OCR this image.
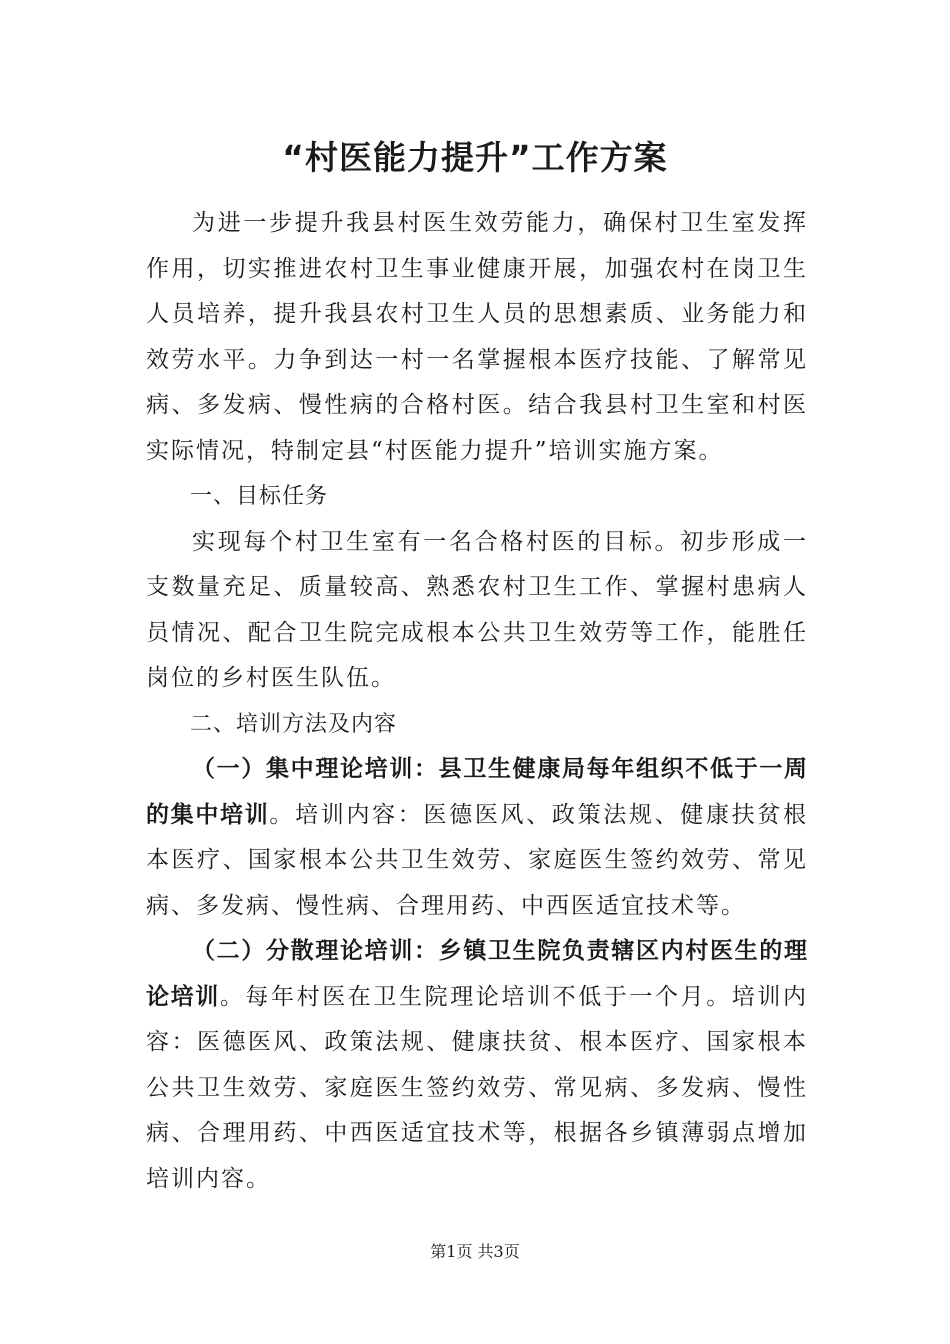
“村医能力提升”工作方案

为进一步提升我县村医生效劳能力，确保村卫生室发挥作用，切实推进农村卫生事业健康开展，加强农村在岗卫生人员培养，提升我县农村卫生人员的思想素质、业务能力和效劳水平。力争到达一村一名掌握根本医疗技能、了解常见病、多发病、慢性病的合格村医。结合我县村卫生室和村医实际情况，特制定县“村医能力提升”培训实施方案。

一、目标任务

实现每个村卫生室有一名合格村医的目标。初步形成一支数量充足、质量较高、熟悉农村卫生工作、掌握村患病人员情况、配合卫生院完成根本公共卫生效劳等工作，能胜任岗位的乡村医生队伍。

二、培训方法及内容

（一）集中理论培训：县卫生健康局每年组织不低于一周的集中培训。培训内容：医德医风、政策法规、健康扶贫根本医疗、国家根本公共卫生效劳、家庭医生签约效劳、常见病、多发病、慢性病、合理用药、中西医适宜技术等。

（二）分散理论培训：乡镇卫生院负责辖区内村医生的理论培训。每年村医在卫生院理论培训不低于一个月。培训内容：医德医风、政策法规、健康扶贫、根本医疗、国家根本公共卫生效劳、家庭医生签约效劳、常见病、多发病、慢性病、合理用药、中西医适宜技术等，根据各乡镇薄弱点增加培训内容。

第1页 共3页
